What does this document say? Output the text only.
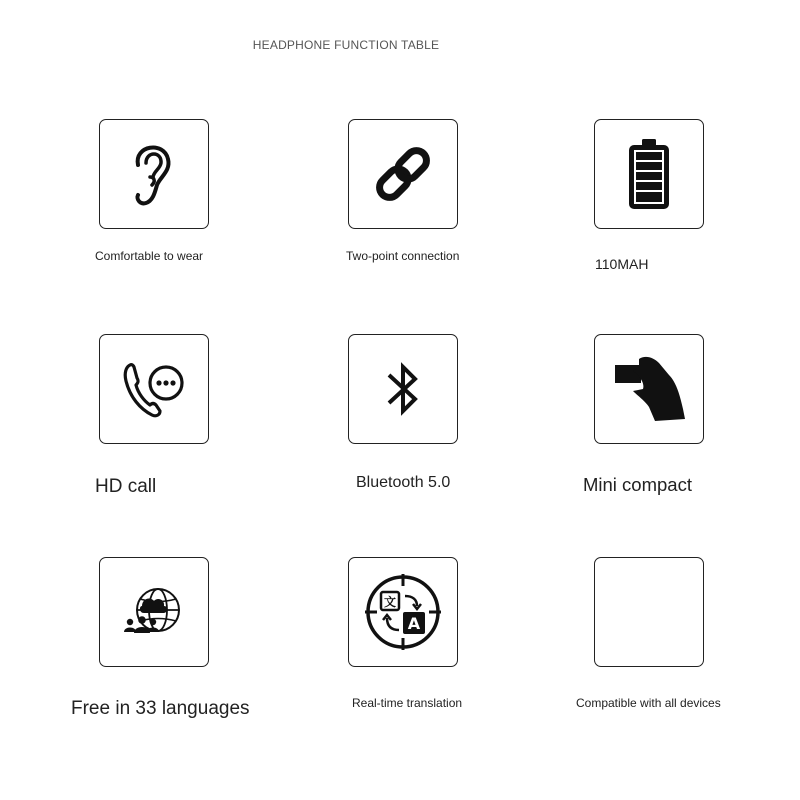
HEADPHONE FUNCTION TABLE
Comfortable to wear	Two-point connection	110MAH
HD call	Bluetooth 5.0	Mini compact
Free in 33 languages
文
A
Real-time translation	Compatible with all devices
